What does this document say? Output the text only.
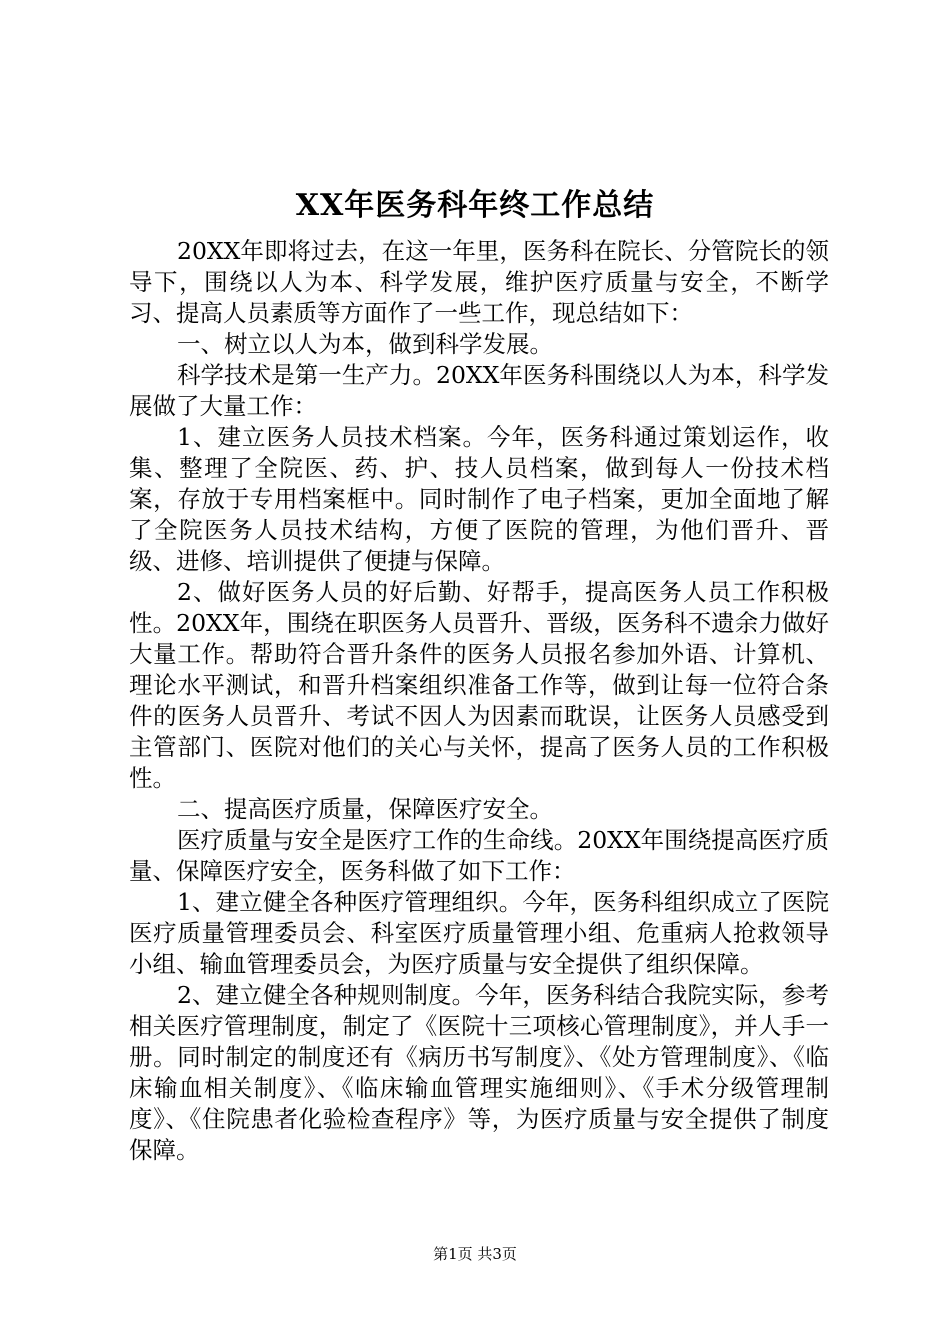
XX年医务科年终工作总结

20XX年即将过去，在这一年里，医务科在院长、分管院长的领导下，围绕以人为本、科学发展，维护医疗质量与安全，不断学习、提高人员素质等方面作了一些工作，现总结如下：

一、树立以人为本，做到科学发展。

科学技术是第一生产力。20XX年医务科围绕以人为本，科学发展做了大量工作：

1、建立医务人员技术档案。今年，医务科通过策划运作，收集、整理了全院医、药、护、技人员档案，做到每人一份技术档案，存放于专用档案框中。同时制作了电子档案，更加全面地了解了全院医务人员技术结构，方便了医院的管理，为他们晋升、晋级、进修、培训提供了便捷与保障。

2、做好医务人员的好后勤、好帮手，提高医务人员工作积极性。20XX年，围绕在职医务人员晋升、晋级，医务科不遗余力做好大量工作。帮助符合晋升条件的医务人员报名参加外语、计算机、理论水平测试，和晋升档案组织准备工作等，做到让每一位符合条件的医务人员晋升、考试不因人为因素而耽误，让医务人员感受到主管部门、医院对他们的关心与关怀，提高了医务人员的工作积极性。

二、提高医疗质量，保障医疗安全。

医疗质量与安全是医疗工作的生命线。20XX年围绕提高医疗质量、保障医疗安全，医务科做了如下工作：

1、建立健全各种医疗管理组织。今年，医务科组织成立了医院医疗质量管理委员会、科室医疗质量管理小组、危重病人抢救领导小组、输血管理委员会，为医疗质量与安全提供了组织保障。

2、建立健全各种规则制度。今年，医务科结合我院实际，参考相关医疗管理制度，制定了《医院十三项核心管理制度》，并人手一册。同时制定的制度还有《病历书写制度》、《处方管理制度》、《临床输血相关制度》、《临床输血管理实施细则》、《手术分级管理制度》、《住院患者化验检查程序》等，为医疗质量与安全提供了制度保障。

第1页 共3页
